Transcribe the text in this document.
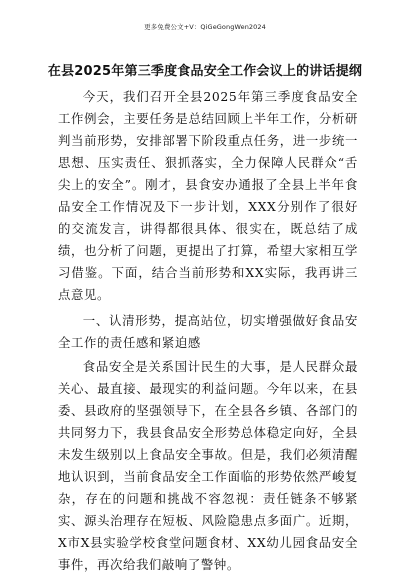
更多免费公文+V：QiGeGongWen2024
在县2025年第三季度食品安全工作会议上的讲话提纲

今天，我们召开全县2025年第三季度食品安全工作例会，主要任务是总结回顾上半年工作，分析研判当前形势，安排部署下阶段重点任务，进一步统一思想、压实责任、狠抓落实，全力保障人民群众“舌尖上的安全”。刚才，县食安办通报了全县上半年食品安全工作情况及下一步计划，XXX分别作了很好的交流发言，讲得都很具体、很实在，既总结了成绩，也分析了问题，更提出了打算，希望大家相互学习借鉴。下面，结合当前形势和XX实际，我再讲三点意见。

一、认清形势，提高站位，切实增强做好食品安全工作的责任感和紧迫感

食品安全是关系国计民生的大事，是人民群众最关心、最直接、最现实的利益问题。今年以来，在县委、县政府的坚强领导下，在全县各乡镇、各部门的共同努力下，我县食品安全形势总体稳定向好，全县未发生级别以上食品安全事故。但是，我们必须清醒地认识到，当前食品安全工作面临的形势依然严峻复杂，存在的问题和挑战不容忽视：责任链条不够紧实、源头治理存在短板、风险隐患点多面广。近期，X市X县实验学校食堂问题食材、XX幼儿园食品安全事件，再次给我们敲响了警钟。
